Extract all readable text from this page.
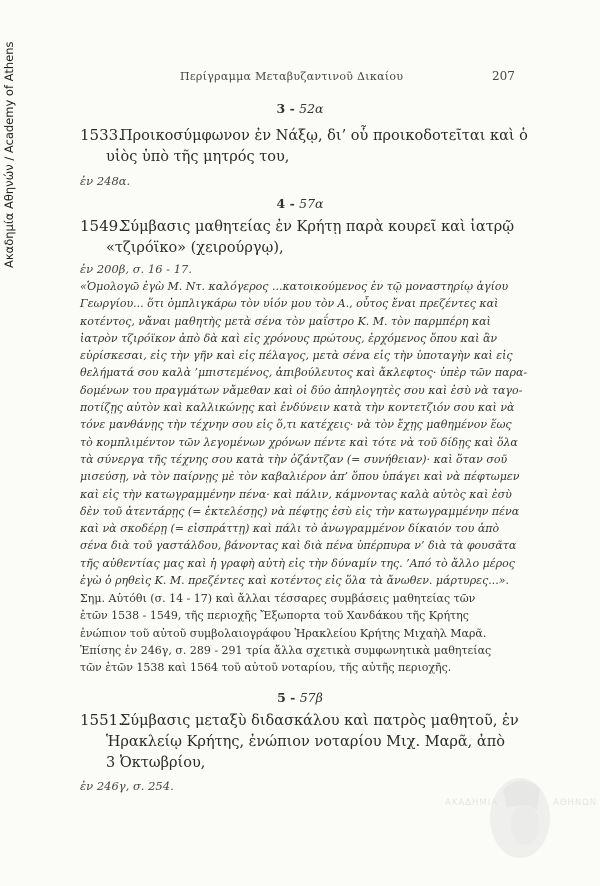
Ακαδημία Αθηνών / Academy of Athens	Περίγραμμα Μεταβυζαντινοῦ Δικαίου	207
3 - 52α
1533.Προικοσύμφωνον ἐν Νάξῳ, δι’ οὗ προικοδοτεῖται καὶ ὁ
υἱὸς ὑπὸ τῆς μητρός του,
ἐν 248α.
4 - 57α
1549.Σύμβασις μαθητείας ἐν Κρήτῃ παρὰ κουρεῖ καὶ ἰατρῷ
«τζιρόϊκο» (χειρούργῳ),
ἐν 200β, σ. 16 - 17.
«Ὁμολογῶ ἐγὼ Μ. Ντ. καλόγερος ...κατοικούμενος ἐν τῷ μοναστηρίῳ ἁγίου
Γεωργίου... ὅτι ὁμπλιγκάρω τὸν υἱόν μου τὸν Α., οὗτος ἔναι πρεζέντες καὶ
κοτέντος, νἄναι μαθητὴς μετὰ σένα τὸν μαΐστρο Κ. Μ. τὸν παρμπέρη καὶ
ἰατρὸν τζιρόϊκον ἀπὸ δὰ καὶ εἰς χρόνους πρώτους, ἐρχόμενος ὅπου καὶ ἂν
εὑρίσκεσαι, εἰς τὴν γῆν καὶ εἰς πέλαγος, μετὰ σένα εἰς τὴν ὑποταγὴν καὶ εἰς
θελήματά σου καλὰ ’μπιστεμένος, ἀπιβούλευτος καὶ ἄκλεφτος· ὑπὲρ τῶν παρα-
δομένων του πραγμάτων νἄμεθαν καὶ οἱ δύο ἀπηλογητὲς σου καὶ ἐσὺ νὰ ταγο-
ποτίζῃς αὐτὸν καὶ καλλικώνῃς καὶ ἐνδύνειν κατὰ τὴν κοντετζιόν σου καὶ νὰ
τόνε μανθάνῃς τὴν τέχνην σου εἰς ὅ,τι κατέχεις· νὰ τὸν ἔχῃς μαθημένον ἕως
τὸ κομπλιμέντον τῶν λεγομένων χρόνων πέντε καὶ τότε νὰ τοῦ δίδῃς καὶ ὅλα
τὰ σύνεργα τῆς τέχνης σου κατὰ τὴν ὀζάντζαν (= συνήθειαν)· καὶ ὅταν σοῦ
μισεύσῃ, νὰ τὸν παίρνῃς μὲ τὸν καβαλιέρον ἀπ’ ὅπου ὑπάγει καὶ νὰ πέφτωμεν
καὶ εἰς τὴν κατωγραμμένην πένα· καὶ πάλιν, κάμνοντας καλὰ αὐτὸς καὶ ἐσὺ
δὲν τοῦ ἀτεντάρῃς (= ἐκτελέσῃς) νὰ πέφτῃς ἐσὺ εἰς τὴν κατωγραμμένην πένα
καὶ νὰ σκοδέρῃ (= εἰσπράττῃ) καὶ πάλι τὸ ἀνωγραμμένον δίκαιόν του ἀπὸ
σένα διὰ τοῦ γαστάλδου, βάνοντας καὶ διὰ πένα ὑπέρπυρα ν’ διὰ τὰ φουσᾶτα
τῆς αὐθεντίας μας καὶ ἡ γραφὴ αὐτὴ εἰς τὴν δύναμίν της. ’Από τὸ ἄλλο μέρος
ἐγὼ ὁ ρηθεὶς Κ. Μ. πρεζέντες καὶ κοτέντος εἰς ὅλα τὰ ἄνωθεν. μάρτυρες...».
Σημ. Αὐτόθι (σ. 14 - 17) καὶ ἄλλαι τέσσαρες συμβάσεις μαθητείας τῶν
ἐτῶν 1538 - 1549, τῆς περιοχῆς Ἔξωπορτα τοῦ Χανδάκου τῆς Κρήτης
ἐνώπιον τοῦ αὐτοῦ συμβολαιογράφου Ἡρακλείου Κρήτης Μιχαὴλ Μαρᾶ.
Ἐπίσης ἐν 246γ, σ. 289 - 291 τρία ἄλλα σχετικὰ συμφωνητικὰ μαθητείας
τῶν ἐτῶν 1538 καὶ 1564 τοῦ αὐτοῦ νοταρίου, τῆς αὐτῆς περιοχῆς.
5 - 57β
1551.Σύμβασις μεταξὺ διδασκάλου καὶ πατρὸς μαθητοῦ, ἐν
Ἡρακλείῳ Κρήτης, ἐνώπιον νοταρίου Μιχ. Μαρᾶ, ἀπὸ
3 Ὀκτωβρίου,
ἐν 246γ, σ. 254.
ΑΚΑΔΗΜΙΑ	ΑΘΗΝΩΝ
